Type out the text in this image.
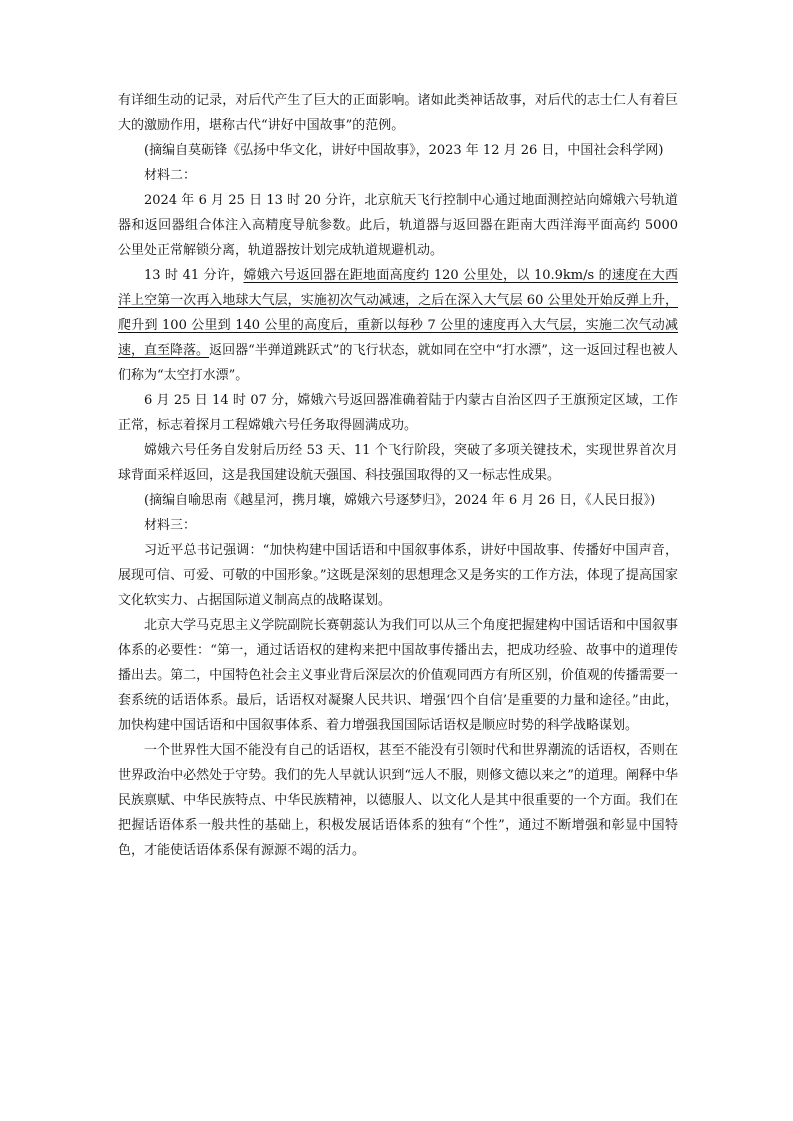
有详细生动的记录，对后代产生了巨大的正面影响。诸如此类神话故事，对后代的志士仁人有着巨大的激励作用，堪称古代“讲好中国故事”的范例。

(摘编自莫砺锋《弘扬中华文化，讲好中国故事》，2023 年 12 月 26 日，中国社会科学网)

材料二：

2024 年 6 月 25 日 13 时 20 分许，北京航天飞行控制中心通过地面测控站向嫦娥六号轨道器和返回器组合体注入高精度导航参数。此后，轨道器与返回器在距南大西洋海平面高约 5000 公里处正常解锁分离，轨道器按计划完成轨道规避机动。

13 时 41 分许，嫦娥六号返回器在距地面高度约 120 公里处，以 10.9km/s 的速度在大西洋上空第一次再入地球大气层，实施初次气动减速，之后在深入大气层 60 公里处开始反弹上升，爬升到 100 公里到 140 公里的高度后，重新以每秒 7 公里的速度再入大气层，实施二次气动减速，直至降落。返回器“半弹道跳跃式”的飞行状态，就如同在空中“打水漂”，这一返回过程也被人们称为“太空打水漂”。

6 月 25 日 14 时 07 分，嫦娥六号返回器准确着陆于内蒙古自治区四子王旗预定区域，工作正常，标志着探月工程嫦娥六号任务取得圆满成功。

嫦娥六号任务自发射后历经 53 天、11 个飞行阶段，突破了多项关键技术，实现世界首次月球背面采样返回，这是我国建设航天强国、科技强国取得的又一标志性成果。

(摘编自喻思南《越星河，携月壤，嫦娥六号逐梦归》，2024 年 6 月 26 日，《人民日报》)

材料三：

习近平总书记强调：“加快构建中国话语和中国叙事体系，讲好中国故事、传播好中国声音，展现可信、可爱、可敬的中国形象。”这既是深刻的思想理念又是务实的工作方法，体现了提高国家文化软实力、占据国际道义制高点的战略谋划。

北京大学马克思主义学院副院长赛朝蕊认为我们可以从三个角度把握建构中国话语和中国叙事体系的必要性：“第一，通过话语权的建构来把中国故事传播出去，把成功经验、故事中的道理传播出去。第二，中国特色社会主义事业背后深层次的价值观同西方有所区别，价值观的传播需要一套系统的话语体系。最后，话语权对凝聚人民共识、增强‘四个自信’是重要的力量和途径。”由此，加快构建中国话语和中国叙事体系、着力增强我国国际话语权是顺应时势的科学战略谋划。

一个世界性大国不能没有自己的话语权，甚至不能没有引领时代和世界潮流的话语权，否则在世界政治中必然处于守势。我们的先人早就认识到“远人不服，则修文德以来之”的道理。阐释中华民族禀赋、中华民族特点、中华民族精神，以德服人、以文化人是其中很重要的一个方面。我们在把握话语体系一般共性的基础上，积极发展话语体系的独有“个性”，通过不断增强和彰显中国特色，才能使话语体系保有源源不竭的活力。
